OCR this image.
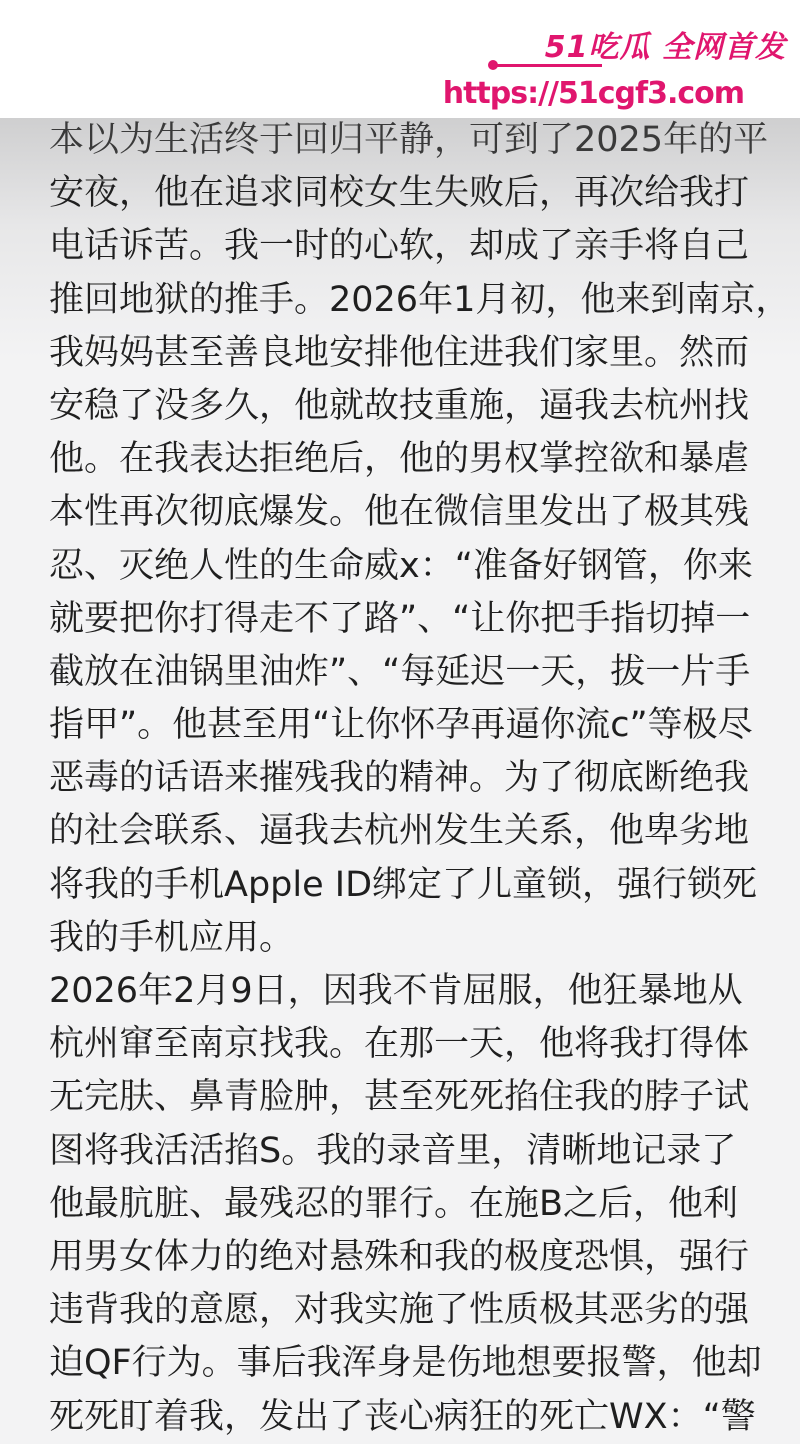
51吃瓜 全网首发
https://51cgf3.com
本以为生活终于回归平静，可到了2025年的平
安夜，他在追求同校女生失败后，再次给我打
电话诉苦。我一时的心软，却成了亲手将自己
推回地狱的推手。2026年1月初，他来到南京，
我妈妈甚至善良地安排他住进我们家里。然而
安稳了没多久，他就故技重施，逼我去杭州找
他。在我表达拒绝后，他的男权掌控欲和暴虐
本性再次彻底爆发。他在微信里发出了极其残
忍、灭绝人性的生命威x：“准备好钢管，你来
就要把你打得走不了路”、“让你把手指切掉一
截放在油锅里油炸”、“每延迟一天，拔一片手
指甲”。他甚至用“让你怀孕再逼你流c”等极尽
恶毒的话语来摧残我的精神。为了彻底断绝我
的社会联系、逼我去杭州发生关系，他卑劣地
将我的手机Apple ID绑定了儿童锁，强行锁死
我的手机应用。
2026年2月9日，因我不肯屈服，他狂暴地从
杭州窜至南京找我。在那一天，他将我打得体
无完肤、鼻青脸肿，甚至死死掐住我的脖子试
图将我活活掐S。我的录音里，清晰地记录了
他最肮脏、最残忍的罪行。在施B之后，他利
用男女体力的绝对悬殊和我的极度恐惧，强行
违背我的意愿，对我实施了性质极其恶劣的强
迫QF行为。事后我浑身是伤地想要报警，他却
死死盯着我，发出了丧心病狂的死亡WX：“警
